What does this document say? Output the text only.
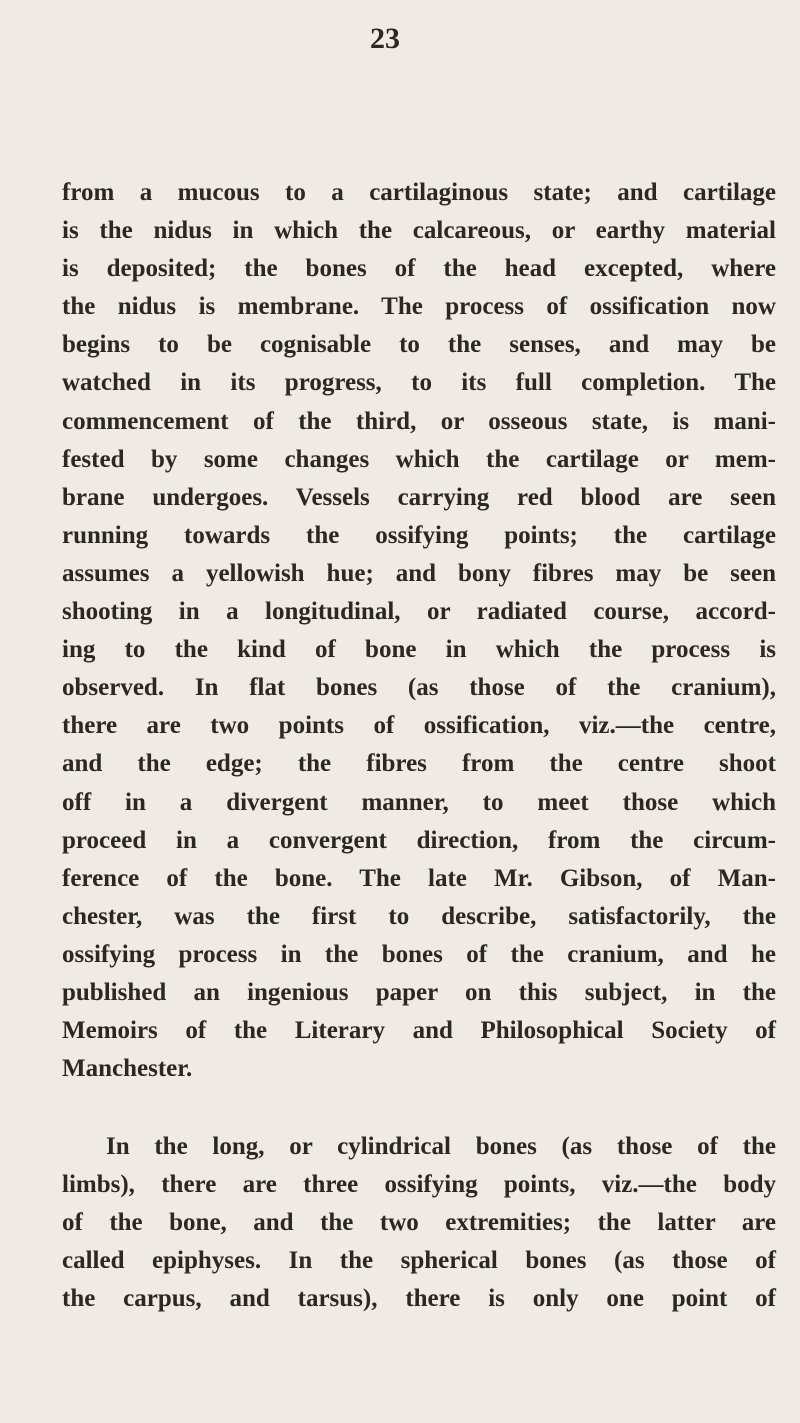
23
from a mucous to a cartilaginous state; and cartilage
is the nidus in which the calcareous, or earthy material
is deposited; the bones of the head excepted, where
the nidus is membrane. The process of ossification now
begins to be cognisable to the senses, and may be
watched in its progress, to its full completion. The
commencement of the third, or osseous state, is mani-
fested by some changes which the cartilage or mem-
brane undergoes. Vessels carrying red blood are seen
running towards the ossifying points; the cartilage
assumes a yellowish hue; and bony fibres may be seen
shooting in a longitudinal, or radiated course, accord-
ing to the kind of bone in which the process is
observed. In flat bones (as those of the cranium),
there are two points of ossification, viz.—the centre,
and the edge; the fibres from the centre shoot
off in a divergent manner, to meet those which
proceed in a convergent direction, from the circum-
ference of the bone. The late Mr. Gibson, of Man-
chester, was the first to describe, satisfactorily, the
ossifying process in the bones of the cranium, and he
published an ingenious paper on this subject, in the
Memoirs of the Literary and Philosophical Society of
Manchester.
In the long, or cylindrical bones (as those of the
limbs), there are three ossifying points, viz.—the body
of the bone, and the two extremities; the latter are
called epiphyses. In the spherical bones (as those of
the carpus, and tarsus), there is only one point of
